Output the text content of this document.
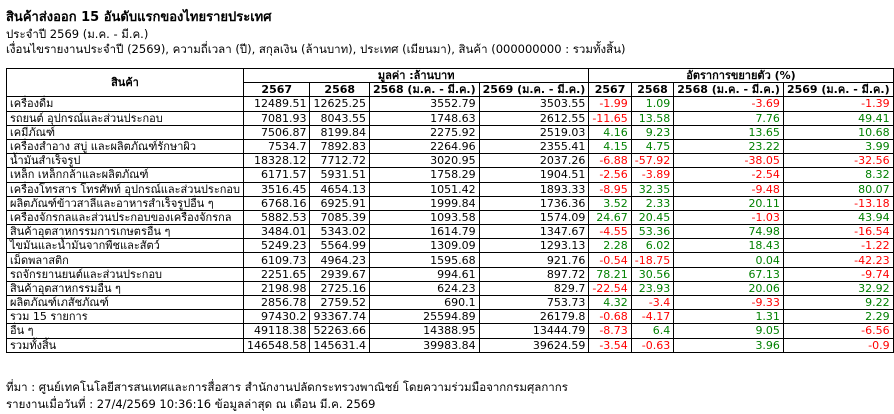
สินค้าส่งออก 15 อันดับแรกของไทยรายประเทศ
ประจำปี 2569 (ม.ค. - มี.ค.)
เงื่อนไขรายงานประจำปี (2569), ความถี่เวลา (ปี), สกุลเงิน (ล้านบาท), ประเทศ (เมียนมา), สินค้า (000000000 : รวมทั้งสิ้น)
สินค้า	มูลค่า :ล้านบาท				อัตราการขยายตัว (%)			
	2567	2568	2568 (ม.ค. - มี.ค.)	2569 (ม.ค. - มี.ค.)	2567	2568	2568 (ม.ค. - มี.ค.)	2569 (ม.ค. - มี.ค.)
เครื่องดื่ม	12489.51	12625.25	3552.79	3503.55	-1.99	1.09	-3.69	-1.39
รถยนต์ อุปกรณ์และส่วนประกอบ	7081.93	8043.55	1748.63	2612.55	-11.65	13.58	7.76	49.41
เคมีภัณฑ์	7506.87	8199.84	2275.92	2519.03	4.16	9.23	13.65	10.68
เครื่องสำอาง สบู่ และผลิตภัณฑ์รักษาผิว	7534.7	7892.83	2264.96	2355.41	4.15	4.75	23.22	3.99
น้ำมันสำเร็จรูป	18328.12	7712.72	3020.95	2037.26	-6.88	-57.92	-38.05	-32.56
เหล็ก เหล็กกล้าและผลิตภัณฑ์	6171.57	5931.51	1758.29	1904.51	-2.56	-3.89	-2.54	8.32
เครื่องโทรสาร โทรศัพท์ อุปกรณ์และส่วนประกอบ	3516.45	4654.13	1051.42	1893.33	-8.95	32.35	-9.48	80.07
ผลิตภัณฑ์ข้าวสาลีและอาหารสำเร็จรูปอื่น ๆ	6768.16	6925.91	1999.84	1736.36	3.52	2.33	20.11	-13.18
เครื่องจักรกลและส่วนประกอบของเครื่องจักรกล	5882.53	7085.39	1093.58	1574.09	24.67	20.45	-1.03	43.94
สินค้าอุตสาหกรรมการเกษตรอื่น ๆ	3484.01	5343.02	1614.79	1347.67	-4.55	53.36	74.98	-16.54
ไขมันและน้ำมันจากพืชและสัตว์	5249.23	5564.99	1309.09	1293.13	2.28	6.02	18.43	-1.22
เม็ดพลาสติก	6109.73	4964.23	1595.68	921.76	-0.54	-18.75	0.04	-42.23
รถจักรยานยนต์และส่วนประกอบ	2251.65	2939.67	994.61	897.72	78.21	30.56	67.13	-9.74
สินค้าอุตสาหกรรมอื่น ๆ	2198.98	2725.16	624.23	829.7	-22.54	23.93	20.06	32.92
ผลิตภัณฑ์เภสัชภัณฑ์	2856.78	2759.52	690.1	753.73	4.32	-3.4	-9.33	9.22
รวม 15 รายการ	97430.2	93367.74	25594.89	26179.8	-0.68	-4.17	1.31	2.29
อื่น ๆ	49118.38	52263.66	14388.95	13444.79	-8.73	6.4	9.05	-6.56
รวมทั้งสิ้น	146548.58	145631.4	39983.84	39624.59	-3.54	-0.63	3.96	-0.9
ที่มา : ศูนย์เทคโนโลยีสารสนเทศและการสื่อสาร สำนักงานปลัดกระทรวงพาณิชย์ โดยความร่วมมือจากกรมศุลกากร
รายงานเมื่อวันที่ : 27/4/2569 10:36:16 ข้อมูลล่าสุด ณ เดือน มี.ค. 2569
